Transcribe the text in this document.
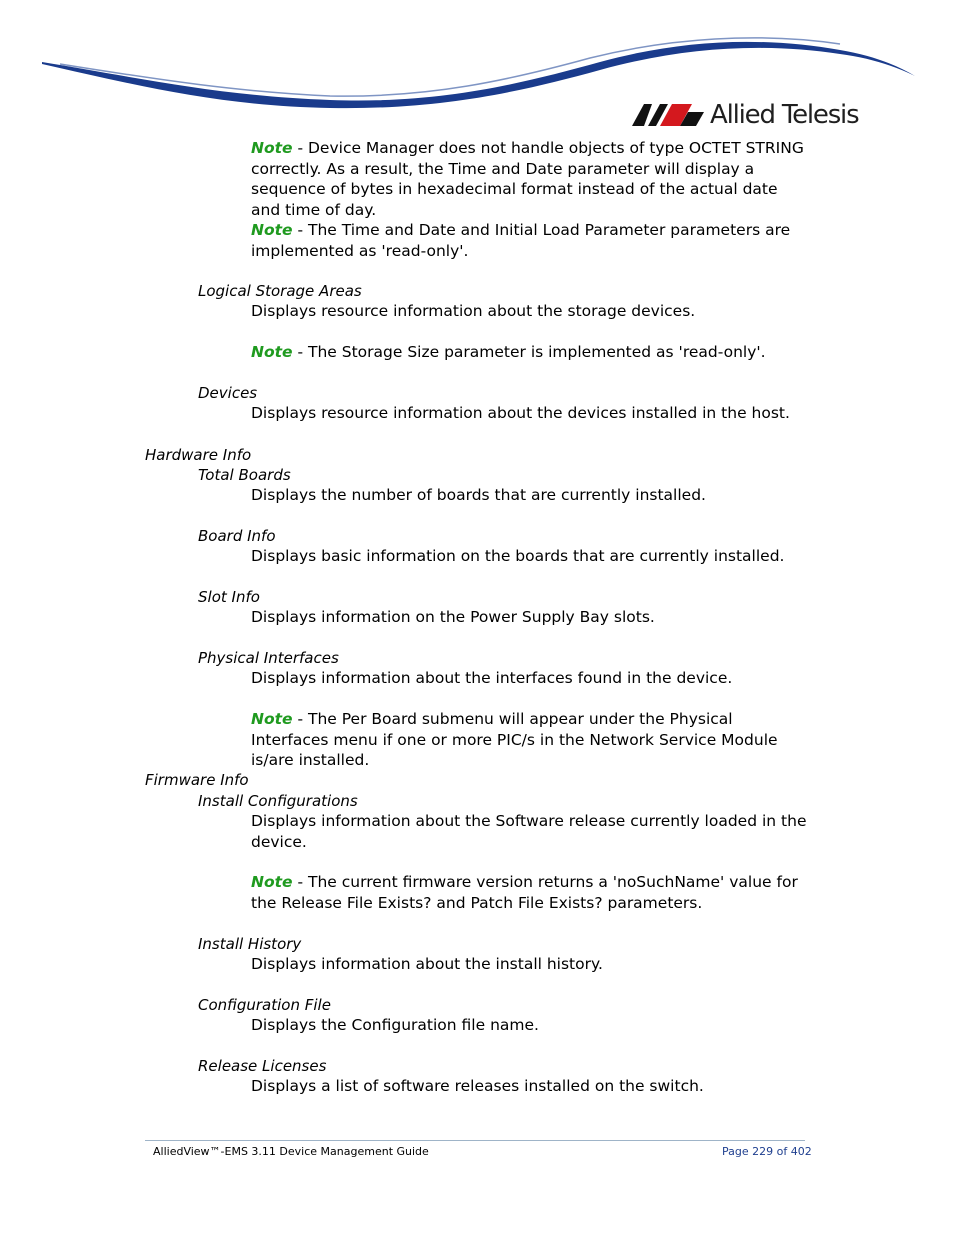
Allied Telesis
Note - Device Manager does not handle objects of type OCTET STRING correctly. As a result, the Time and Date parameter will display a sequence of bytes in hexadecimal format instead of the actual date and time of day.
Note - The Time and Date and Initial Load Parameter parameters are implemented as 'read-only'.
Logical Storage Areas
Displays resource information about the storage devices.
Note - The Storage Size parameter is implemented as 'read-only'.
Devices
Displays resource information about the devices installed in the host.
Hardware Info
Total Boards
Displays the number of boards that are currently installed.
Board Info
Displays basic information on the boards that are currently installed.
Slot Info
Displays information on the Power Supply Bay slots.
Physical Interfaces
Displays information about the interfaces found in the device.
Note - The Per Board submenu will appear under the Physical Interfaces menu if one or more PIC/s in the Network Service Module is/are installed.
Firmware Info
Install Configurations
Displays information about the Software release currently loaded in the device.
Note - The current firmware version returns a 'noSuchName' value for the Release File Exists? and Patch File Exists? parameters.
Install History
Displays information about the install history.
Configuration File
Displays the Configuration file name.
Release Licenses
Displays a list of software releases installed on the switch.
AlliedView™-EMS 3.11 Device Management Guide	Page 229 of 402
